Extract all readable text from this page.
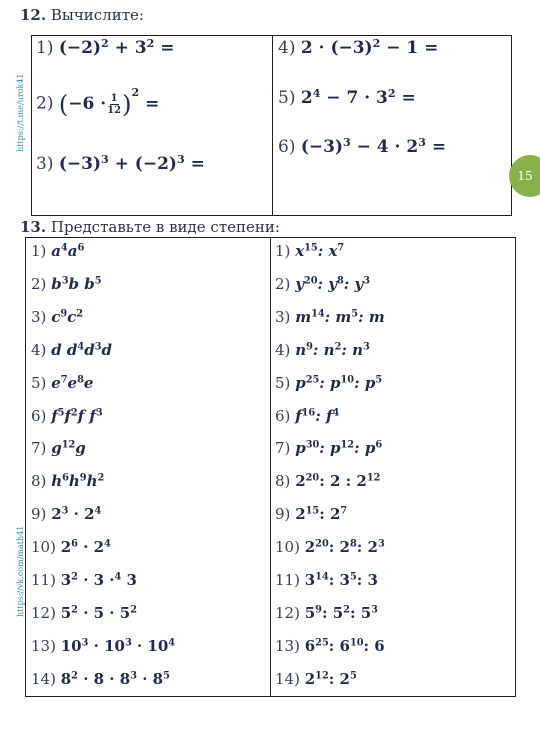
12. Вычислите:
1) $(-2)^2 + 3^2$ =
2) $(-6 \cdot \frac{1}{12} )^2$ =
3) $(-3)^3 + (-2)^3$ =
4) $2 \cdot (-3)^2 - 1$ =
5) $2^4 - 7 \cdot 3^2$ =
6) $(-3)^3 - 4 \cdot 2^3$ =
13. Представьте в виде степени:
1) $a^4a^6$
2) $b^3b$ $b^5$
3) $c^9c^2$
4) d $d^4d^3d$
5) $e^7e^8e$
6) $f^5f^2f$ $f^3$
7) $g^{12}g$
8) $h^6h^9h^2$
9) $2^3 \cdot 2^4$
10) $2^6 \cdot 2^4$
11) $3^2 \cdot 3 \cdot^4$ 3
12) $5^2 \cdot 5 \cdot 5^2$
13) $10^3 \cdot 10^3 \cdot 10^4$
14) $8^2 \cdot 8 \cdot 8^3 \cdot 8^5$
1) $x^{15}$: $x^7$
2) $y^{20}$: $y^8$: $y^3$
3) $m^{14}$: $m^5$: m
4) $n^9$: $n^2$: $n^3$
5) $p^{25}$: $p^{10}$: $p^5$
6) $f^{16}$: $f^4$
7) $p^{30}$: $p^{12}$: $p^6$
8) $2^{20}$: 2 : $2^{12}$
9) $2^{15}$: $2^7$
10) $2^{20}$: $2^8$: $2^3$
11) $3^{14}$: $3^5$: 3
12) $5^9$: $5^2$: $5^3$
13) $6^{25}$: $6^{10}$: 6
14) $2^{12}$: $2^5$
https://t.me/urok41
https://vk.com/math41
15
